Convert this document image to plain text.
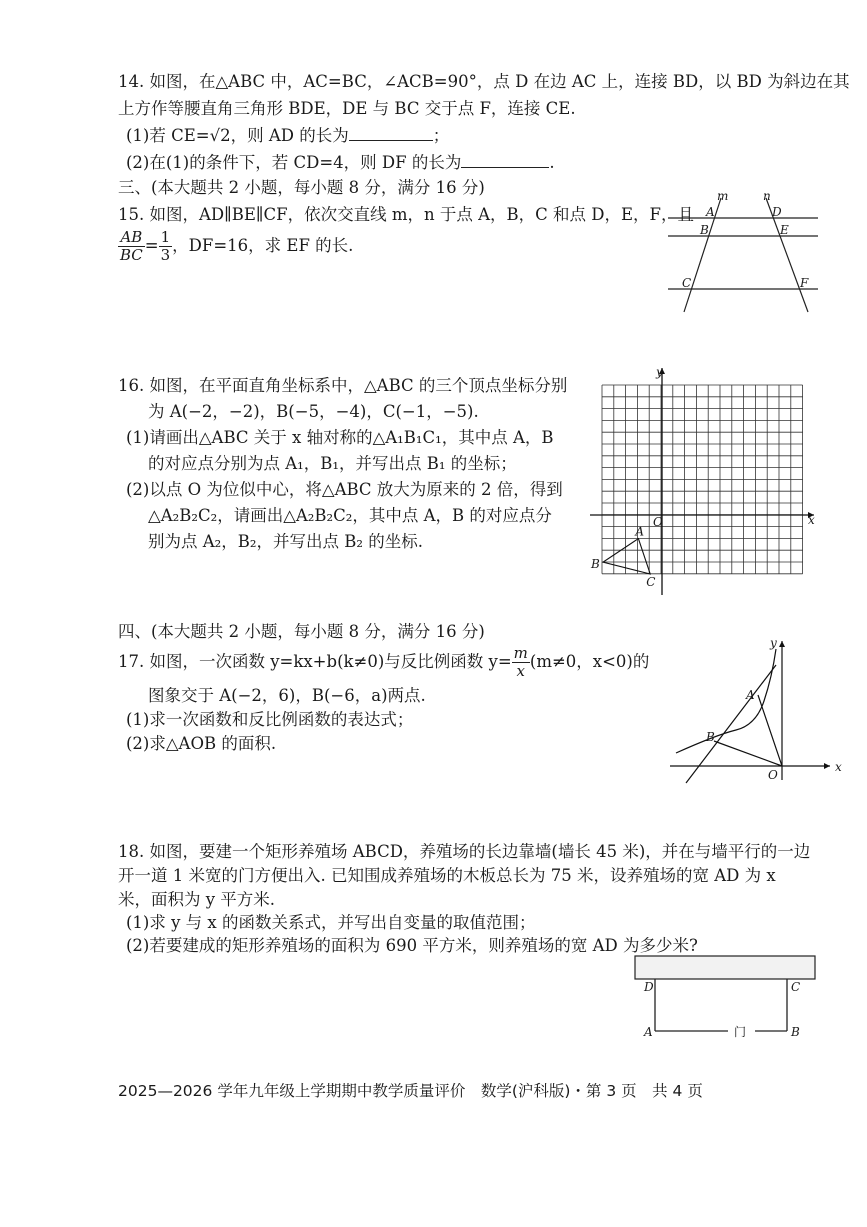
14. 如图，在△ABC 中，AC=BC，∠ACB=90°，点 D 在边 AC 上，连接 BD，以 BD 为斜边在其
上方作等腰直角三角形 BDE，DE 与 BC 交于点 F，连接 CE.
(1)若 CE=√2，则 AD 的长为	；
(2)在(1)的条件下，若 CD=4，则 DF 的长为	.
三、(本大题共 2 小题，每小题 8 分，满分 16 分)
15. 如图，AD∥BE∥CF，依次交直线 m，n 于点 A，B，C 和点 D，E，F，且
$\frac{AB}{BC} = \frac{1}{3}$ ，DF=16，求 EF 的长.
m	n
A
B
C
D
E
F
16. 如图，在平面直角坐标系中，△ABC 的三个顶点坐标分别
为 A(−2，−2)，B(−5，−4)，C(−1，−5).
(1)请画出△ABC 关于 x 轴对称的△A₁B₁C₁，其中点 A，B
的对应点分别为点 A₁，B₁，并写出点 B₁ 的坐标；
(2)以点 O 为位似中心，将△ABC 放大为原来的 2 倍，得到
△A₂B₂C₂，请画出△A₂B₂C₂，其中点 A，B 的对应点分
别为点 A₂，B₂，并写出点 B₂ 的坐标.
x
y
O
A
B
C
四、(本大题共 2 小题，每小题 8 分，满分 16 分)
17. 如图，一次函数 y=kx+b(k≠0)与反比例函数 $y= \frac{m}{x} (m\ne 0$，x<0)的
图象交于 A(−2，6)，B(−6，a)两点.
(1)求一次函数和反比例函数的表达式；
(2)求△AOB 的面积.
x
y
O
A
B
18. 如图，要建一个矩形养殖场 ABCD，养殖场的长边靠墙(墙长 45 米)，并在与墙平行的一边
开一道 1 米宽的门方便出入. 已知围成养殖场的木板总长为 75 米，设养殖场的宽 AD 为 x
米，面积为 y 平方米.
(1)求 y 与 x 的函数关系式，并写出自变量的取值范围；
(2)若要建成的矩形养殖场的面积为 690 平方米，则养殖场的宽 AD 为多少米?
D	C
A	B
门
2025—2026 学年九年级上学期期中教学质量评价　数学(沪科版)・第 3 页　共 4 页
